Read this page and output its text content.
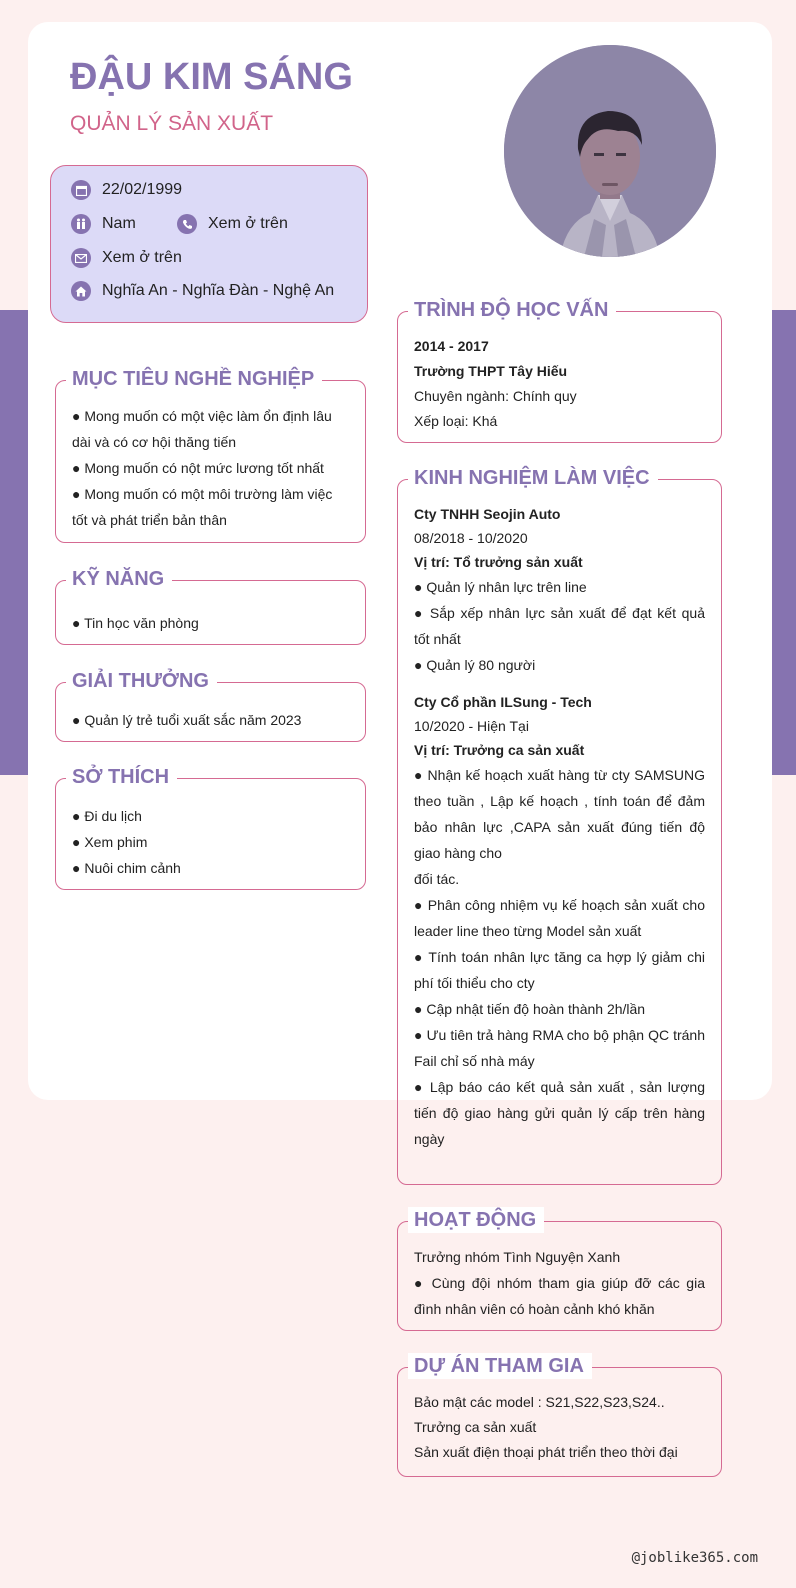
ĐẬU KIM SÁNG
QUẢN LÝ SẢN XUẤT
22/02/1999
Nam	Xem ở trên
Xem ở trên
Nghĩa An - Nghĩa Đàn - Nghệ An
MỤC TIÊU NGHỀ NGHIỆP

● Mong muốn có một việc làm ổn định lâu dài và có cơ hội thăng tiến

● Mong muốn có nột mức lương tốt nhất

● Mong muốn có một môi trường làm việc tốt và phát triển bản thân

KỸ NĂNG

● Tin học văn phòng

GIẢI THƯỞNG

● Quản lý trẻ tuổi xuất sắc năm 2023

SỞ THÍCH

● Đi du lịch

● Xem phim

● Nuôi chim cảnh

TRÌNH ĐỘ HỌC VẤN

2014 - 2017

Trường THPT Tây Hiếu

Chuyên ngành: Chính quy

Xếp loại: Khá

KINH NGHIỆM LÀM VIỆC

Cty TNHH Seojin Auto

08/2018 - 10/2020

Vị trí: Tổ trưởng sản xuất

● Quản lý nhân lực trên line

● Sắp xếp nhân lực sản xuất để đạt kết quả tốt nhất

● Quản lý 80 người

Cty Cổ phần ILSung - Tech

10/2020 - Hiện Tại

Vị trí: Trưởng ca sản xuất

● Nhận kế hoạch xuất hàng từ cty SAMSUNG theo tuần , Lập kế hoạch , tính toán để đảm bảo nhân lực ,CAPA sản xuất đúng tiến độ giao hàng cho

đối tác.

● Phân công nhiệm vụ kế hoạch sản xuất cho leader line theo từng Model sản xuất

● Tính toán nhân lực tăng ca hợp lý giảm chi phí tối thiểu cho cty

● Cập nhật tiến độ hoàn thành 2h/lần

● Ưu tiên trả hàng RMA cho bộ phận QC tránh Fail chỉ số nhà máy

● Lập báo cáo kết quả sản xuất , sản lượng tiến độ giao hàng gửi quản lý cấp trên hàng ngày

HOẠT ĐỘNG

Trưởng nhóm Tình Nguyện Xanh

● Cùng đội nhóm tham gia giúp đỡ các gia đình nhân viên có hoàn cảnh khó khăn

DỰ ÁN THAM GIA

Bảo mật các model : S21,S22,S23,S24..

Trưởng ca sản xuất

Sản xuất điện thoại phát triển theo thời đại

@joblike365.com
